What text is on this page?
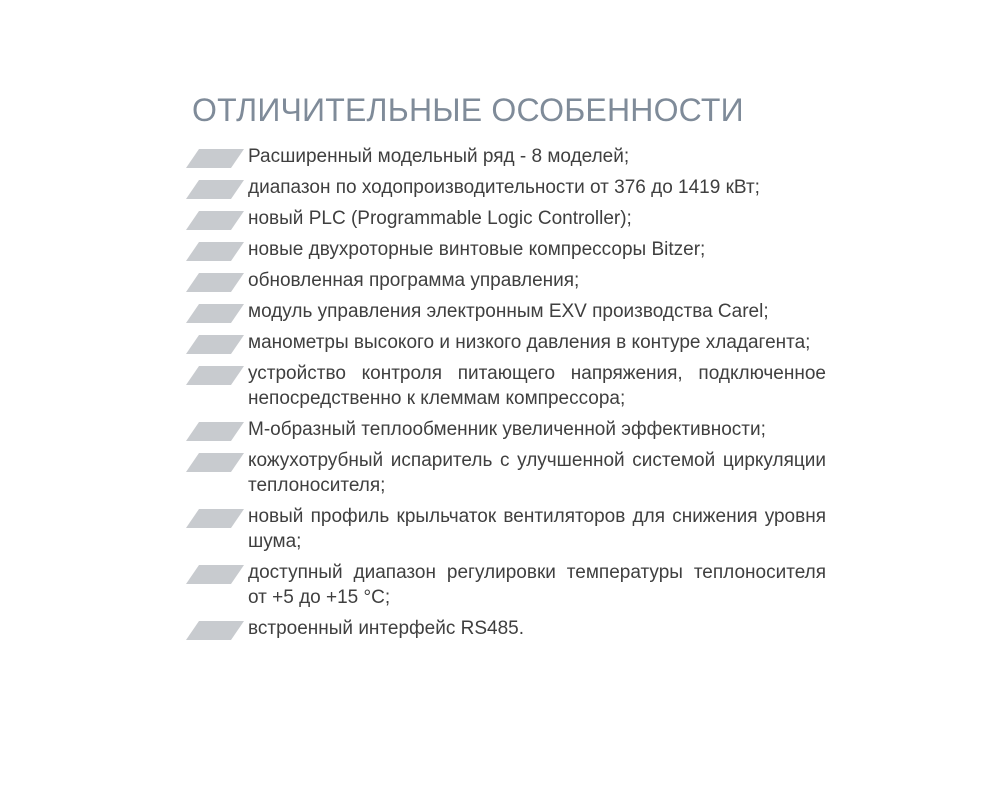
ОТЛИЧИТЕЛЬНЫЕ ОСОБЕННОСТИ
Расширенный модельный ряд - 8 моделей;
диапазон по ходопроизводительности от 376 до 1419 кВт;
новый PLC (Programmable Logic Controller);
новые двухроторные винтовые компрессоры Bitzer;
обновленная программа управления;
модуль управления электронным EXV производства Carel;
манометры высокого и низкого давления в контуре хладагента;
устройство контроля питающего напряжения, подключенное непосредственно к клеммам компрессора;
М-образный теплообменник увеличенной эффективности;
кожухотрубный испаритель с улучшенной системой циркуляции теплоносителя;
новый профиль крыльчаток вентиляторов для снижения уровня шума;
доступный диапазон регулировки температуры теплоносителя от +5 до +15 °С;
встроенный интерфейс RS485.
